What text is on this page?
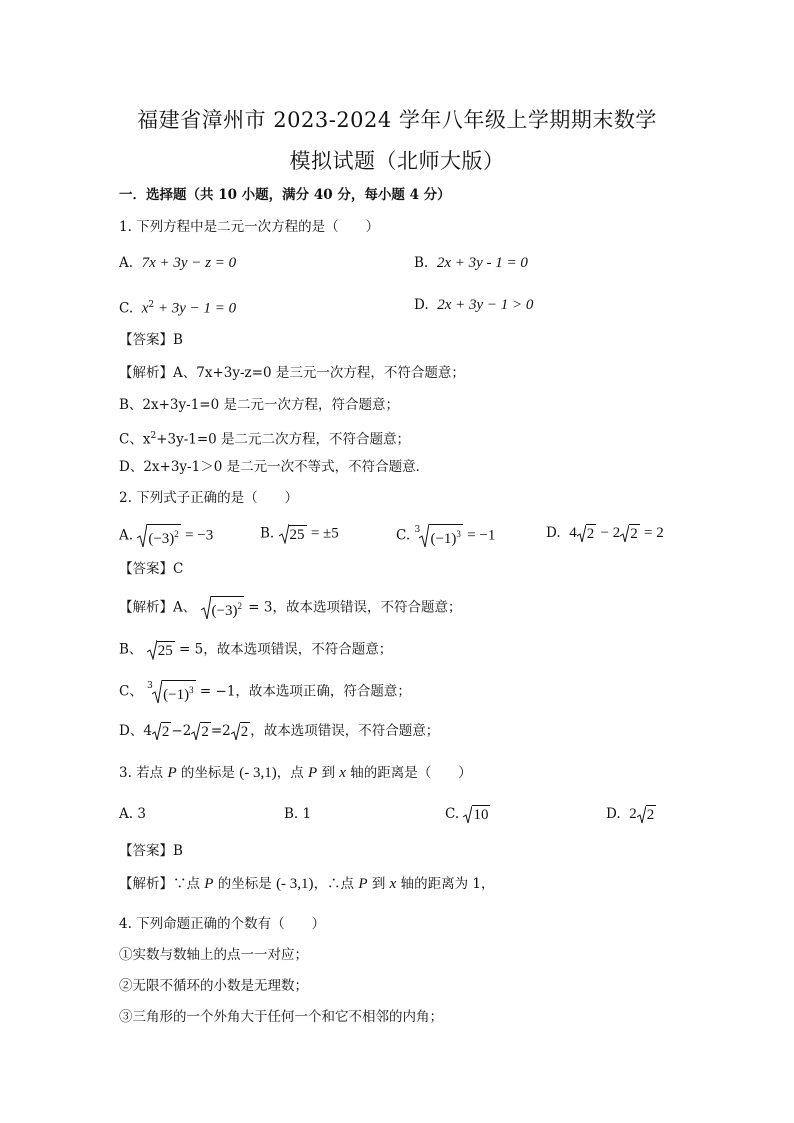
福建省漳州市 2023-2024 学年八年级上学期期末数学
模拟试题（北师大版）
一．选择题（共 10 小题，满分 40 分，每小题 4 分）
1. 下列方程中是二元一次方程的是（　　）
A. 7x + 3y − z = 0	B. 2x + 3y - 1 = 0
C. $x^2 + 3y - 1 = 0$	D. 2x + 3y − 1 > 0
【答案】B
【解析】A、7x+3y-z=0 是三元一次方程，不符合题意；
B、2x+3y-1=0 是二元一次方程，符合题意；
C、$x^2+3y-1=0$ 是二元二次方程，不符合题意；
D、2x+3y-1＞0 是二元一次不等式，不符合题意．
2. 下列式子正确的是（　　）
A. $(-3)^2 = -3$	B. 25 = ±5	C. $^3$
$(-1)^3 = -1$	D. 4 2 − 2 2 = 2
【答案】C
【解析】A、 $(-3)^2 = 3$，故本选项错误，不符合题意；
B、 25 = 5，故本选项错误，不符合题意；
C、 $^3$
$(-1)^3 = -1$，故本选项正确，符合题意；
D、4 2 −2 2 =2 2 ，故本选项错误，不符合题意；
3. 若点 P 的坐标是 (- 3,1)，点 P 到 x 轴的距离是（　　）
A. 3	B. 1	C. 10	D. 2 2
【答案】B
【解析】∵点 P 的坐标是 (- 3,1)，∴点 P 到 x 轴的距离为 1，
4. 下列命题正确的个数有（　　）
①实数与数轴上的点一一对应；
②无限不循环的小数是无理数；
③三角形的一个外角大于任何一个和它不相邻的内角；
